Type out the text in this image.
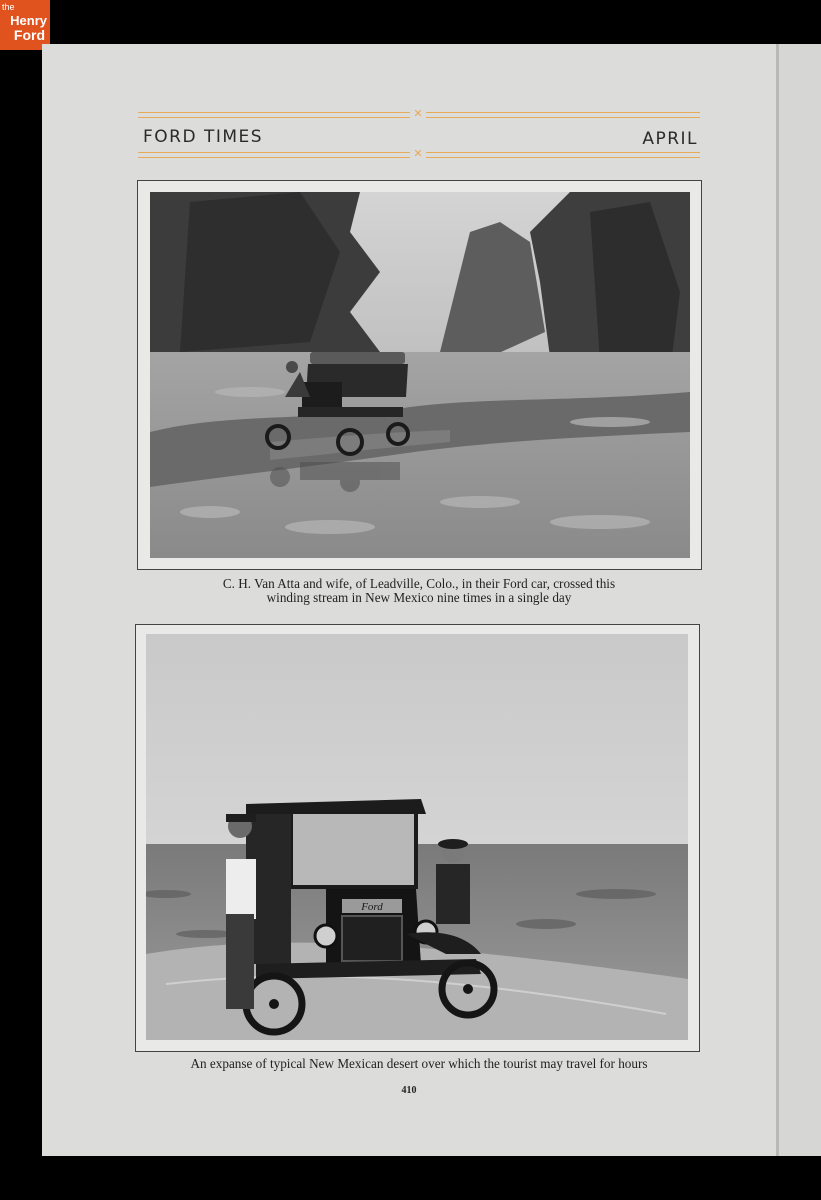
the
Henry
Ford
✕
FORD TIMES	APRIL
✕
C. H. Van Atta and wife, of Leadville, Colo., in their Ford car, crossed this
winding stream in New Mexico nine times in a single day
Ford
An expanse of typical New Mexican desert over which the tourist may travel for hours
410
